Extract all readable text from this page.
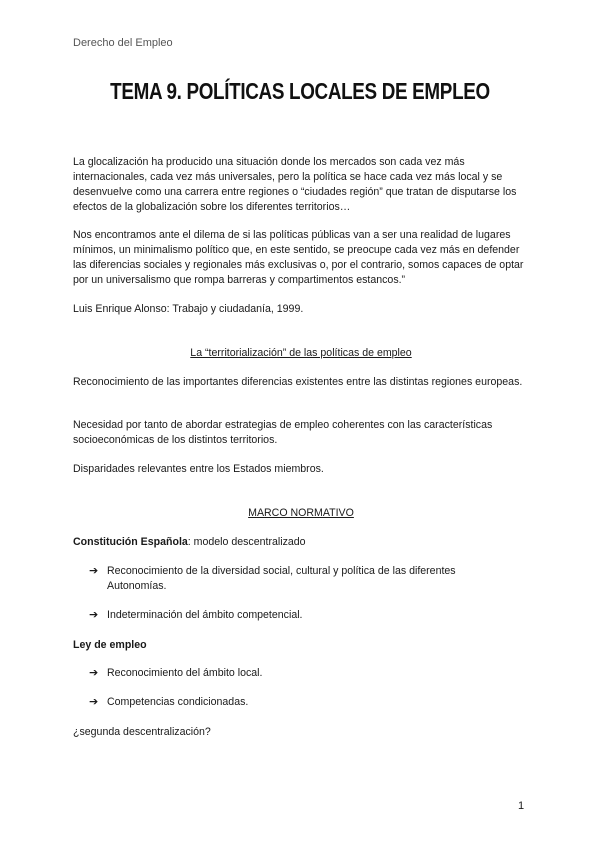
Derecho del Empleo
TEMA 9. POLÍTICAS LOCALES DE EMPLEO

La glocalización ha producido una situación donde los mercados son cada vez más internacionales, cada vez más universales, pero la política se hace cada vez más local y se desenvuelve como una carrera entre regiones o “ciudades región” que tratan de disputarse los efectos de la globalización sobre los diferentes territorios…

Nos encontramos ante el dilema de si las políticas públicas van a ser una realidad de lugares mínimos, un minimalismo político que, en este sentido, se preocupe cada vez más en defender las diferencias sociales y regionales más exclusivas o, por el contrario, somos capaces de optar por un universalismo que rompa barreras y compartimentos estancos.”

Luis Enrique Alonso: Trabajo y ciudadanía, 1999.

La “territorialización” de las políticas de empleo
Reconocimiento de las importantes diferencias existentes entre las distintas regiones europeas.
Necesidad por tanto de abordar estrategias de empleo coherentes con las características socioeconómicas de los distintos territorios.
Disparidades relevantes entre los Estados miembros.
MARCO NORMATIVO
Constitución Española: modelo descentralizado
➔ Reconocimiento de la diversidad social, cultural y política de las diferentes Autonomías.
➔ Indeterminación del ámbito competencial.
Ley de empleo
➔ Reconocimiento del ámbito local.
➔ Competencias condicionadas.
¿segunda descentralización?
1
